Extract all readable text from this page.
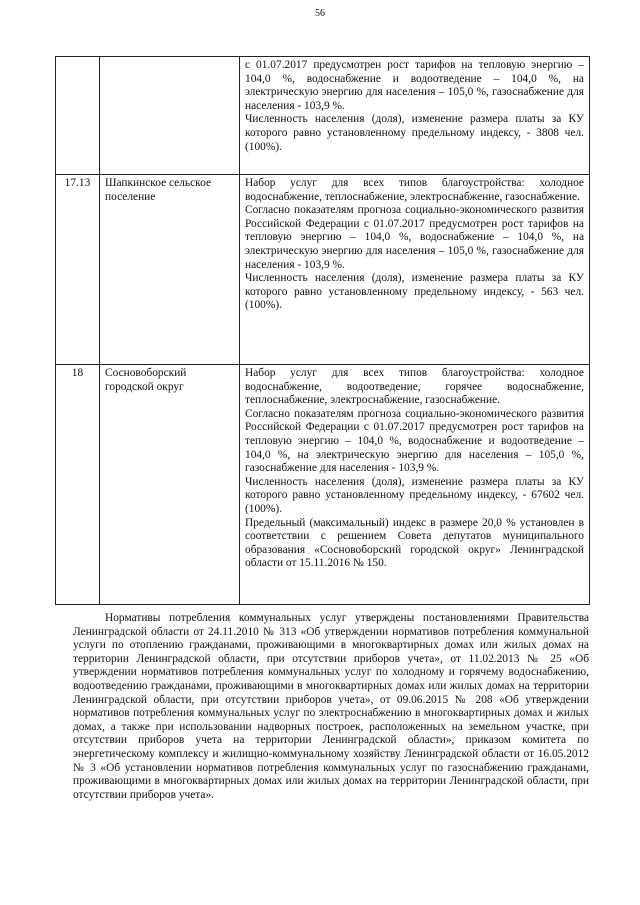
56

		с 01.07.2017 предусмотрен рост тарифов на тепловую энергию – 104,0 %, водоснабжение и водоотведение – 104,0 %, на электрическую энергию для населения – 105,0 %, газоснабжение для населения - 103,9 %.

Численность населения (доля), изменение размера платы за КУ которого равно установленному предельному индексу, - 3808 чел. (100%).

17.13	Шапкинское сельское поселение	Набор услуг для всех типов благоустройства: холодное водоснабжение, теплоснабжение, электроснабжение, газоснабжение.

Согласно показателям прогноза социально-экономического развития Российской Федерации с 01.07.2017 предусмотрен рост тарифов на тепловую энергию – 104,0 %, водоснабжение – 104,0 %, на электрическую энергию для населения – 105,0 %, газоснабжение для населения - 103,9 %.

Численность населения (доля), изменение размера платы за КУ которого равно установленному предельному индексу, - 563 чел. (100%).

18	Сосновоборский городской округ	Набор услуг для всех типов благоустройства: холодное водоснабжение, водоотведение, горячее водоснабжение, теплоснабжение, электроснабжение, газоснабжение.

Согласно показателям прогноза социально-экономического развития Российской Федерации с 01.07.2017 предусмотрен рост тарифов на тепловую энергию – 104,0 %, водоснабжение и водоотведение – 104,0 %, на электрическую энергию для населения – 105,0 %, газоснабжение для населения - 103,9 %.

Численность населения (доля), изменение размера платы за КУ которого равно установленному предельному индексу, - 67602 чел. (100%).

Предельный (максимальный) индекс в размере 20,0 % установлен в соответствии с решением Совета депутатов муниципального образования «Сосновоборский городской округ» Ленинградской области от 15.11.2016 № 150.

Нормативы потребления коммунальных услуг утверждены постановлениями Правительства Ленинградской области от 24.11.2010 № 313 «Об утверждении нормативов потребления коммунальной услуги по отоплению гражданами, проживающими в многоквартирных домах или жилых домах на территории Ленинградской области, при отсутствии приборов учета», от 11.02.2013 № 25 «Об утверждении нормативов потребления коммунальных услуг по холодному и горячему водоснабжению, водоотведению гражданами, проживающими в многоквартирных домах или жилых домах на территории Ленинградской области, при отсутствии приборов учета», от 09.06.2015 № 208 «Об утверждении нормативов потребления коммунальных услуг по электроснабжению в многоквартирных домах и жилых домах, а также при использовании надворных построек, расположенных на земельном участке, при отсутствии приборов учета на территории Ленинградской области», приказом комитета по энергетическому комплексу и жилищно-коммунальному хозяйству Ленинградской области от 16.05.2012 № 3 «Об установлении нормативов потребления коммунальных услуг по газоснабжению гражданами, проживающими в многоквартирных домах или жилых домах на территории Ленинградской области, при отсутствии приборов учета».
